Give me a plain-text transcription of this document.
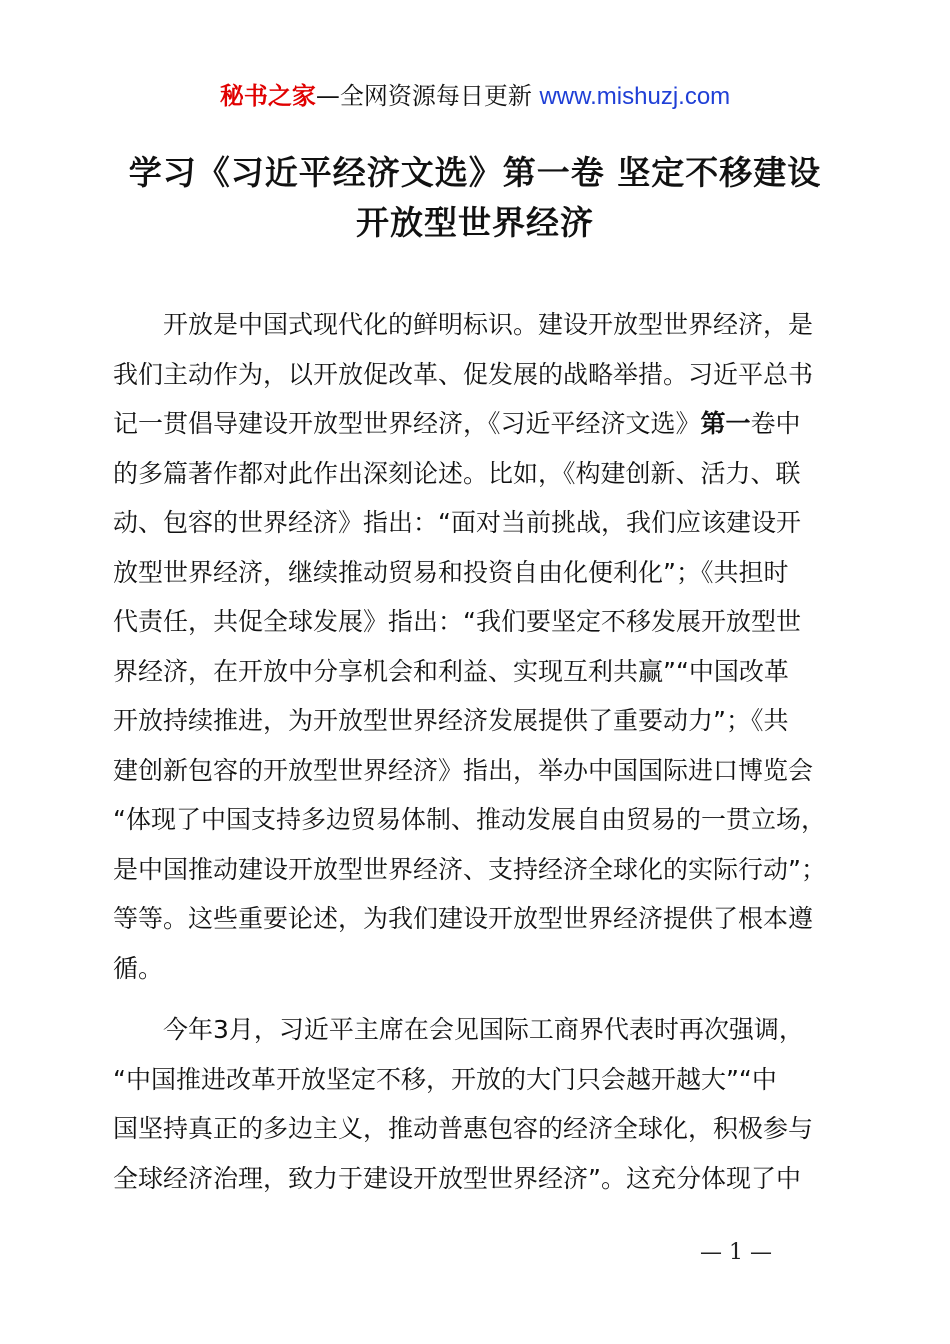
秘书之家—全网资源每日更新 www.mishuzj.com
学习《习近平经济文选》第一卷 坚定不移建设
开放型世界经济
开放是中国式现代化的鲜明标识。建设开放型世界经济，是
我们主动作为，以开放促改革、促发展的战略举措。习近平总书
记一贯倡导建设开放型世界经济，《习近平经济文选》第一卷中
的多篇著作都对此作出深刻论述。比如，《构建创新、活力、联
动、包容的世界经济》指出：“面对当前挑战，我们应该建设开
放型世界经济，继续推动贸易和投资自由化便利化”；《共担时
代责任，共促全球发展》指出：“我们要坚定不移发展开放型世
界经济，在开放中分享机会和利益、实现互利共赢”“中国改革
开放持续推进，为开放型世界经济发展提供了重要动力”；《共
建创新包容的开放型世界经济》指出，举办中国国际进口博览会
“体现了中国支持多边贸易体制、推动发展自由贸易的一贯立场，
是中国推动建设开放型世界经济、支持经济全球化的实际行动”；
等等。这些重要论述，为我们建设开放型世界经济提供了根本遵
循。
今年3月，习近平主席在会见国际工商界代表时再次强调，
“中国推进改革开放坚定不移，开放的大门只会越开越大”“中
国坚持真正的多边主义，推动普惠包容的经济全球化，积极参与
全球经济治理，致力于建设开放型世界经济”。这充分体现了中
— 1 —
